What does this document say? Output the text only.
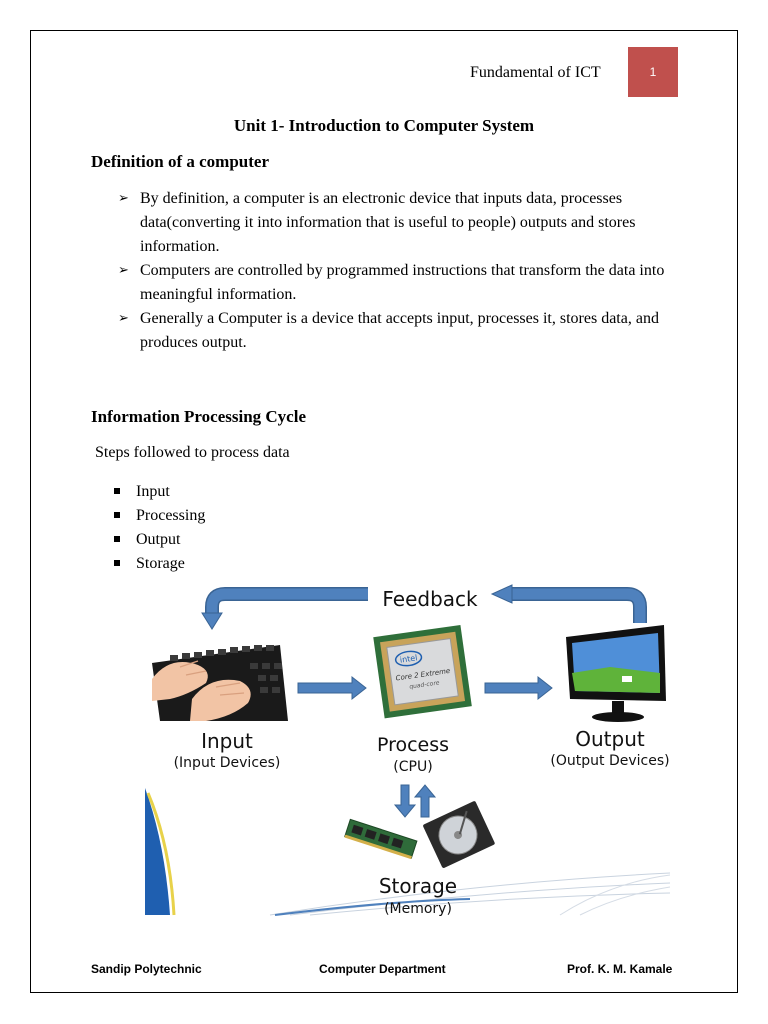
Fundamental of ICT	1
Unit 1- Introduction to Computer System
Definition of a computer
➢ By definition, a computer is an electronic device that inputs data, processes data(converting it into information that is useful to people) outputs and stores information.
➢ Computers are controlled by programmed instructions that transform the data into meaningful information.
➢ Generally a Computer is a device that accepts input, processes it, stores data, and produces output.
Information Processing Cycle
Steps followed to process data
Input
Processing
Output
Storage
Feedback
intel
Core 2 Extreme
quad-core
Input
(Input Devices)
Process
(CPU)
Output
(Output Devices)
Storage
(Memory)
Sandip Polytechnic	Computer Department	Prof. K. M. Kamale
